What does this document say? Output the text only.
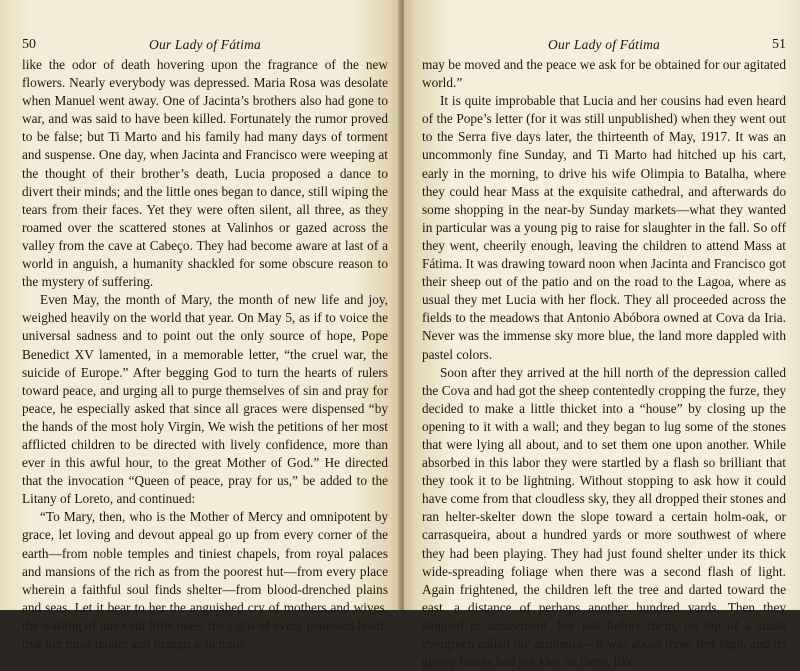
50	Our Lady of Fátima

like the odor of death hovering upon the fragrance of the new flowers. Nearly everybody was depressed. Maria Rosa was desolate when Manuel went away. One of Jacinta’s brothers also had gone to war, and was said to have been killed. Fortunately the rumor proved to be false; but Ti Marto and his family had many days of torment and suspense. One day, when Jacinta and Francisco were weeping at the thought of their brother’s death, Lucia proposed a dance to divert their minds; and the little ones began to dance, still wiping the tears from their faces. Yet they were often silent, all three, as they roamed over the scattered stones at Valinhos or gazed across the valley from the cave at Cabeço. They had become aware at last of a world in anguish, a humanity shackled for some obscure reason to the mystery of suffering.

Even May, the month of Mary, the month of new life and joy, weighed heavily on the world that year. On May 5, as if to voice the universal sadness and to point out the only source of hope, Pope Benedict XV lamented, in a memorable letter, “the cruel war, the suicide of Europe.” After begging God to turn the hearts of rulers toward peace, and urging all to purge themselves of sin and pray for peace, he especially asked that since all graces were dispensed “by the hands of the most holy Virgin, We wish the petitions of her most afflicted children to be directed with lively confidence, more than ever in this awful hour, to the great Mother of God.” He directed that the invocation “Queen of peace, pray for us,” be added to the Litany of Loreto, and continued:

“To Mary, then, who is the Mother of Mercy and omnipotent by grace, let loving and devout appeal go up from every corner of the earth—from noble temples and tiniest chapels, from royal palaces and mansions of the rich as from the poorest hut—from every place wherein a faithful soul finds shelter—from blood-drenched plains and seas. Let it bear to her the anguished cry of mothers and wives, the wailing of innocent little ones, the sighs of every generous heart: that her most tender and benign solicitude

Our Lady of Fátima	51

may be moved and the peace we ask for be obtained for our agitated world.”

It is quite improbable that Lucia and her cousins had even heard of the Pope’s letter (for it was still unpublished) when they went out to the Serra five days later, the thirteenth of May, 1917. It was an uncommonly fine Sunday, and Ti Marto had hitched up his cart, early in the morning, to drive his wife Olimpia to Batalha, where they could hear Mass at the exquisite cathedral, and afterwards do some shopping in the near-by Sunday markets—what they wanted in particular was a young pig to raise for slaughter in the fall. So off they went, cheerily enough, leaving the children to attend Mass at Fátima. It was drawing toward noon when Jacinta and Francisco got their sheep out of the patio and on the road to the Lagoa, where as usual they met Lucia with her flock. They all proceeded across the fields to the meadows that Antonio Abóbora owned at Cova da Iria. Never was the immense sky more blue, the land more dappled with pastel colors.

Soon after they arrived at the hill north of the depression called the Cova and had got the sheep contentedly cropping the furze, they decided to make a little thicket into a “house” by closing up the opening to it with a wall; and they began to lug some of the stones that were lying all about, and to set them one upon another. While absorbed in this labor they were startled by a flash so brilliant that they took it to be lightning. Without stopping to ask how it could have come from that cloudless sky, they all dropped their stones and ran helter-skelter down the slope toward a certain holm-oak, or carrasqueira, about a hundred yards or more southwest of where they had been playing. They had just found shelter under its thick wide-spreading foliage when there was a second flash of light. Again frightened, the children left the tree and darted toward the east, a distance of perhaps another hundred yards. Then they stopped in amazement. For just before them, on top of a small evergreen called the azinheira—it was about three feet high, and its glossy leaves had prickles on them, like
